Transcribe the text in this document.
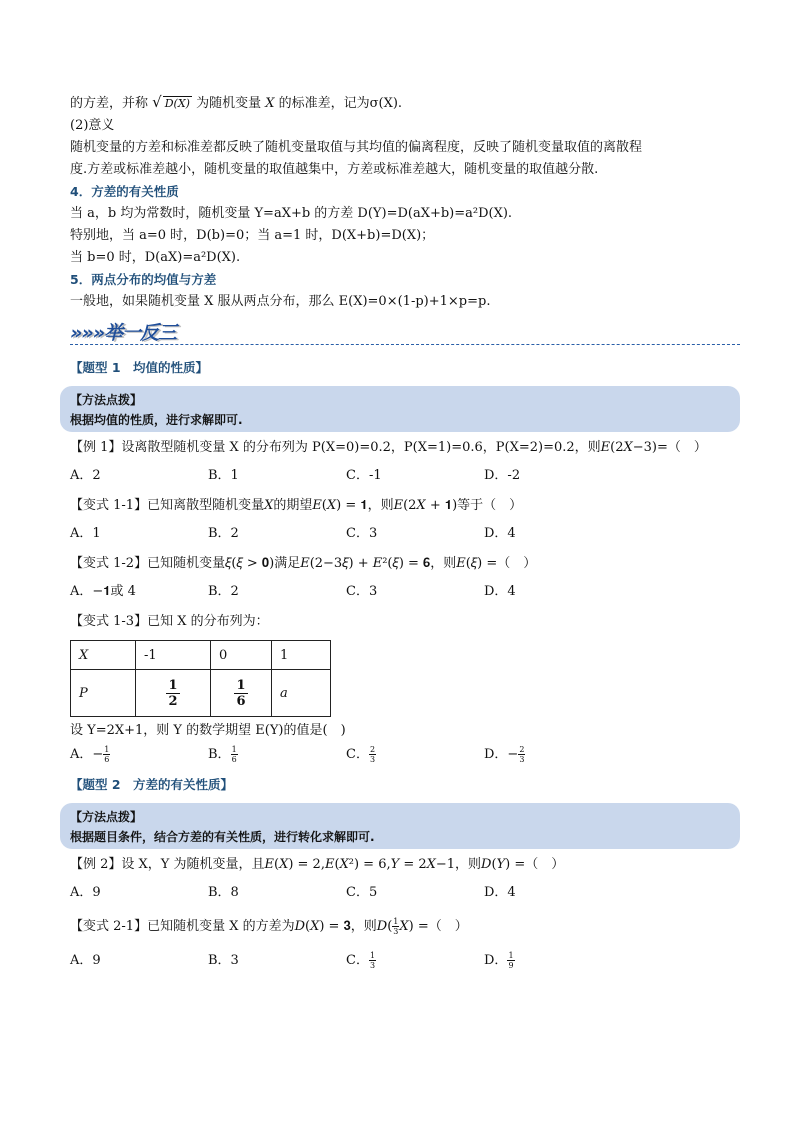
的方差，并称 √ D(X) 为随机变量 X 的标准差，记为σ(X).
(2)意义
随机变量的方差和标准差都反映了随机变量取值与其均值的偏离程度，反映了随机变量取值的离散程
度.方差或标准差越小，随机变量的取值越集中，方差或标准差越大，随机变量的取值越分散.
4．方差的有关性质
当 a，b 均为常数时，随机变量 Y=aX+b 的方差 D(Y)=D(aX+b)=a²D(X).
特别地，当 a=0 时，D(b)=0；当 a=1 时，D(X+b)=D(X)；
当 b=0 时，D(aX)=a²D(X).
5．两点分布的均值与方差
一般地，如果随机变量 X 服从两点分布，那么 E(X)=0×(1-p)+1×p=p.
»»»举一反三
【题型 1　均值的性质】
【方法点拨】
根据均值的性质，进行求解即可.
【例 1】设离散型随机变量 X 的分布列为 P(X=0)=0.2，P(X=1)=0.6，P(X=2)=0.2，则𝐸(2𝑋−3)=（　）
A．2	B．1	C．-1	D．-2
【变式 1-1】已知离散型随机变量𝑋的期望𝐸(𝑋) = 𝟏，则𝐸(2𝑋 + 𝟏)等于（　）
A．1	B．2	C．3	D．4
【变式 1-2】已知随机变量𝜉(𝜉 > 𝟎)满足𝐸(2−3𝜉) + 𝐸²(𝜉) = 𝟔，则𝐸(𝜉) =（　）
A．−𝟏或 4	B．2	C．3	D．4
【变式 1-3】已知 X 的分布列为：
X	-1	0	1
P	$\frac{1}{2}$	$\frac{1}{6}$	a
设 Y=2X+1，则 Y 的数学期望 E(Y)的值是(　)
A．− $\frac{1}{6}$	B． $\frac{1}{6}$	C． $\frac{2}{3}$	D．− $\frac{2}{3}$
【题型 2　方差的有关性质】
【方法点拨】
根据题目条件，结合方差的有关性质，进行转化求解即可.
【例 2】设 X，Y 为随机变量，且𝐸(𝑋) = 2,𝐸(𝑋²) = 6,𝑌 = 2𝑋−1，则𝐷(𝑌) =（　）
A．9	B．8	C．5	D．4
【变式 2-1】已知随机变量 X 的方差为𝐷(𝑋) = 𝟑，则𝐷( $\frac{1}{3}$ 𝑋) =（　）
A．9	B．3	C． $\frac{1}{3}$	D． $\frac{1}{9}$
